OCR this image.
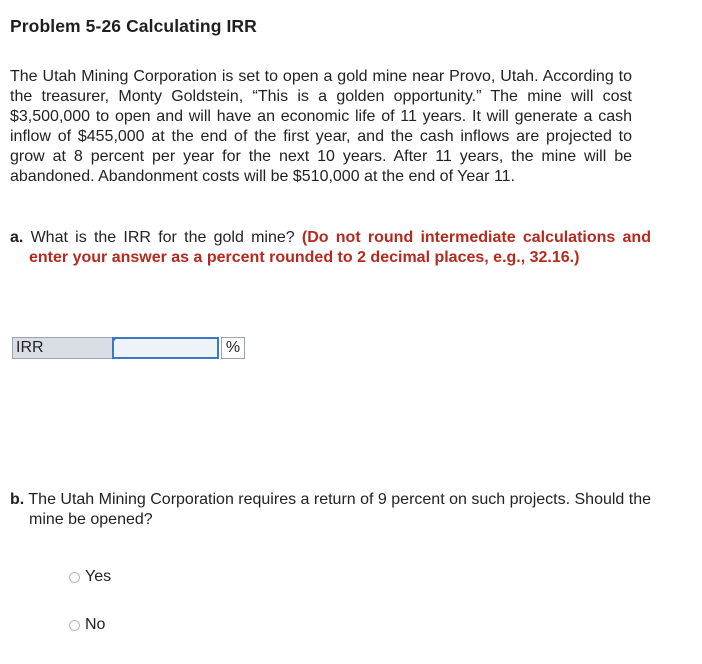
Problem 5-26 Calculating IRR
The Utah Mining Corporation is set to open a gold mine near Provo, Utah. According to the treasurer, Monty Goldstein, “This is a golden opportunity.” The mine will cost $3,500,000 to open and will have an economic life of 11 years. It will generate a cash inflow of $455,000 at the end of the first year, and the cash inflows are projected to grow at 8 percent per year for the next 10 years. After 11 years, the mine will be abandoned. Abandonment costs will be $510,000 at the end of Year 11.
a. What is the IRR for the gold mine? (Do not round intermediate calculations and enter your answer as a percent rounded to 2 decimal places, e.g., 32.16.)
IRR	%
b. The Utah Mining Corporation requires a return of 9 percent on such projects. Should the mine be opened?
Yes
No
